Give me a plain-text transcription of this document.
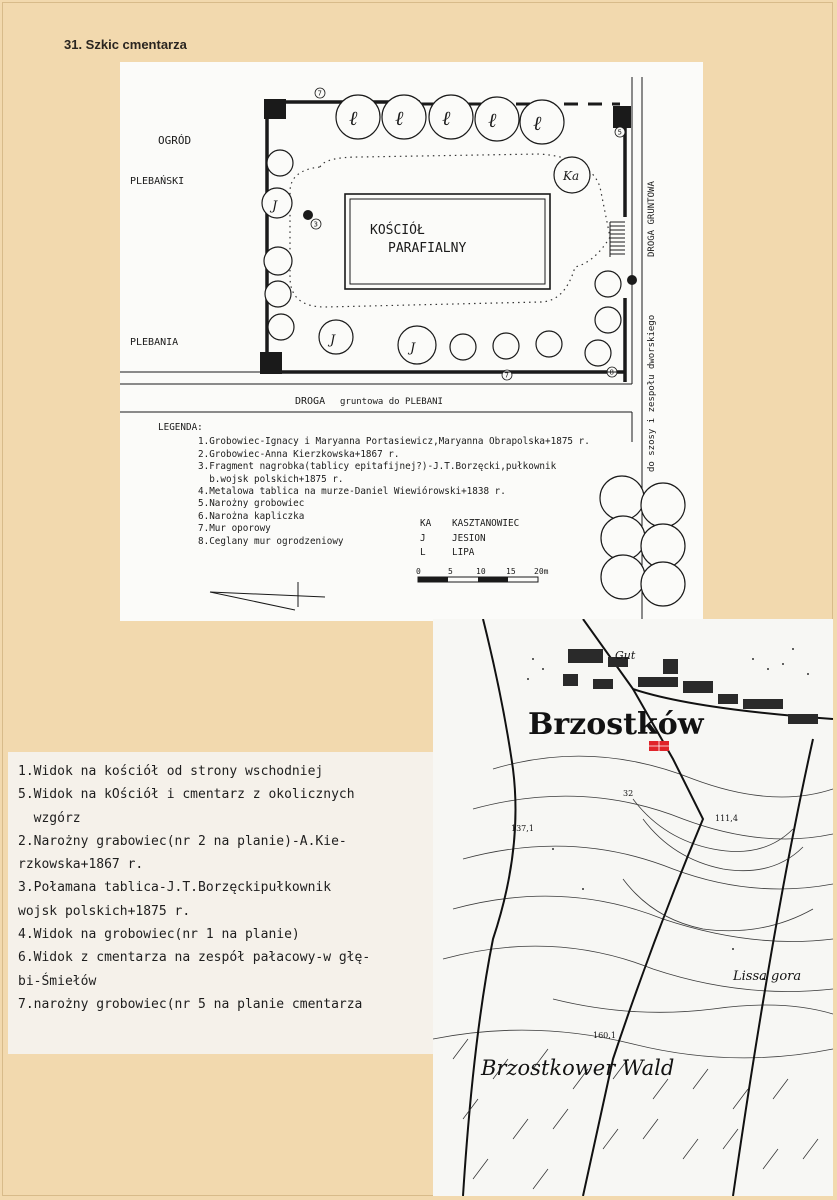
31. Szkic cmentarza
KOŚCIÓŁ
PARAFIALNY
ℓ ℓ ℓ ℓ ℓ
Ka
J
J
J
7
5
3
7	8
OGRÓD
PLEBAŃSKI
PLEBANIA
DROGA gruntowa do PLEBANI
DROGA GRUNTOWA
do szosy i zespołu dworskiego
0	5	10	15 20m
LEGENDA:
1.Grobowiec-Ignacy i Maryanna Portasiewicz,Maryanna Obrapolska+1875 r.
2.Grobowiec-Anna Kierzkowska+1867 r.
3.Fragment nagrobka(tablicy epitafijnej?)-J.T.Borzęcki,pułkownik
b.wojsk polskich+1875 r.
4.Metalowa tablica na murze-Daniel Wiewiórowski+1838 r.
5.Narożny grobowiec
6.Narożna kapliczka
7.Mur oporowy
8.Ceglany mur ogrodzeniowy
KA KASZTANOWIEC
J	JESION
L	LIPA
1.Widok na kościół od strony wschodniej
5.Widok na kOściół i cmentarz z okolicznych
wzgórz
2.Narożny grabowiec(nr 2 na planie)-A.Kie-
rzkowska+1867 r.
3.Połamana tablica-J.T.Borzęckipułkownik
wojsk polskich+1875 r.
4.Widok na grobowiec(nr 1 na planie)
6.Widok z cmentarza na zespół pałacowy-w głę-
bi-Śmiełów
7.narożny grobowiec(nr 5 na planie cmentarza
Brzostków
Gut
Lissa gora
Brzostkower Wald
137,1
111,4
160,1
32
